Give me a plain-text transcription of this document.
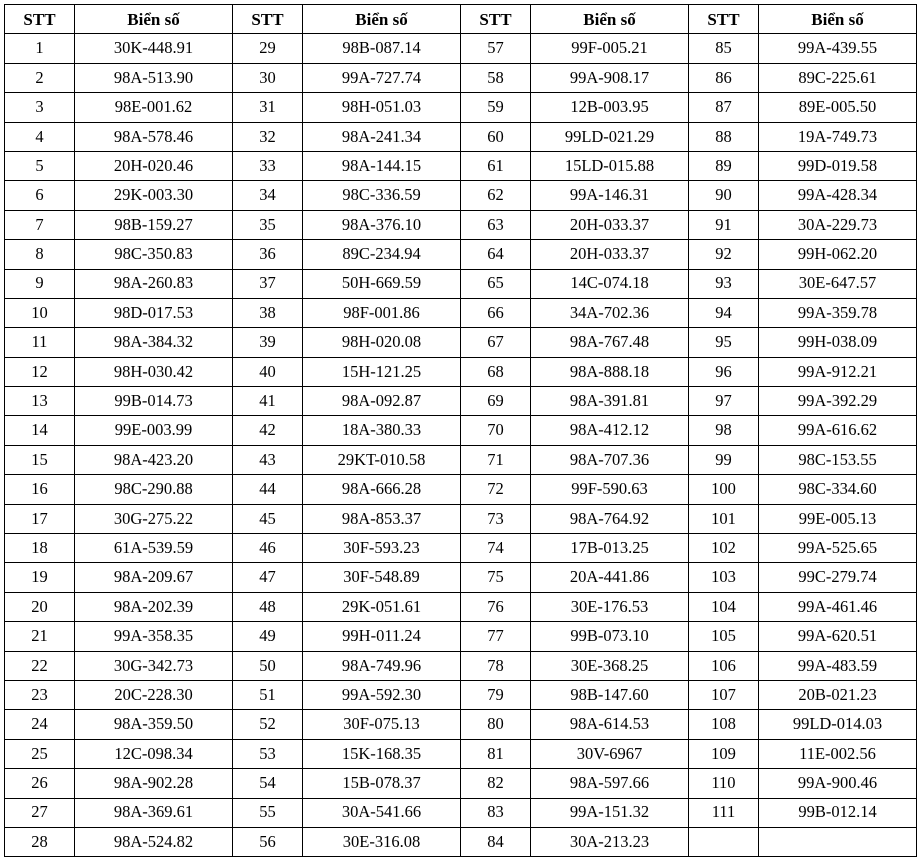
STT	Biển số	STT	Biển số	STT	Biển số	STT	Biển số
1	30K-448.91	29	98B-087.14	57	99F-005.21	85	99A-439.55
2	98A-513.90	30	99A-727.74	58	99A-908.17	86	89C-225.61
3	98E-001.62	31	98H-051.03	59	12B-003.95	87	89E-005.50
4	98A-578.46	32	98A-241.34	60	99LD-021.29	88	19A-749.73
5	20H-020.46	33	98A-144.15	61	15LD-015.88	89	99D-019.58
6	29K-003.30	34	98C-336.59	62	99A-146.31	90	99A-428.34
7	98B-159.27	35	98A-376.10	63	20H-033.37	91	30A-229.73
8	98C-350.83	36	89C-234.94	64	20H-033.37	92	99H-062.20
9	98A-260.83	37	50H-669.59	65	14C-074.18	93	30E-647.57
10	98D-017.53	38	98F-001.86	66	34A-702.36	94	99A-359.78
11	98A-384.32	39	98H-020.08	67	98A-767.48	95	99H-038.09
12	98H-030.42	40	15H-121.25	68	98A-888.18	96	99A-912.21
13	99B-014.73	41	98A-092.87	69	98A-391.81	97	99A-392.29
14	99E-003.99	42	18A-380.33	70	98A-412.12	98	99A-616.62
15	98A-423.20	43	29KT-010.58	71	98A-707.36	99	98C-153.55
16	98C-290.88	44	98A-666.28	72	99F-590.63	100	98C-334.60
17	30G-275.22	45	98A-853.37	73	98A-764.92	101	99E-005.13
18	61A-539.59	46	30F-593.23	74	17B-013.25	102	99A-525.65
19	98A-209.67	47	30F-548.89	75	20A-441.86	103	99C-279.74
20	98A-202.39	48	29K-051.61	76	30E-176.53	104	99A-461.46
21	99A-358.35	49	99H-011.24	77	99B-073.10	105	99A-620.51
22	30G-342.73	50	98A-749.96	78	30E-368.25	106	99A-483.59
23	20C-228.30	51	99A-592.30	79	98B-147.60	107	20B-021.23
24	98A-359.50	52	30F-075.13	80	98A-614.53	108	99LD-014.03
25	12C-098.34	53	15K-168.35	81	30V-6967	109	11E-002.56
26	98A-902.28	54	15B-078.37	82	98A-597.66	110	99A-900.46
27	98A-369.61	55	30A-541.66	83	99A-151.32	111	99B-012.14
28	98A-524.82	56	30E-316.08	84	30A-213.23		
